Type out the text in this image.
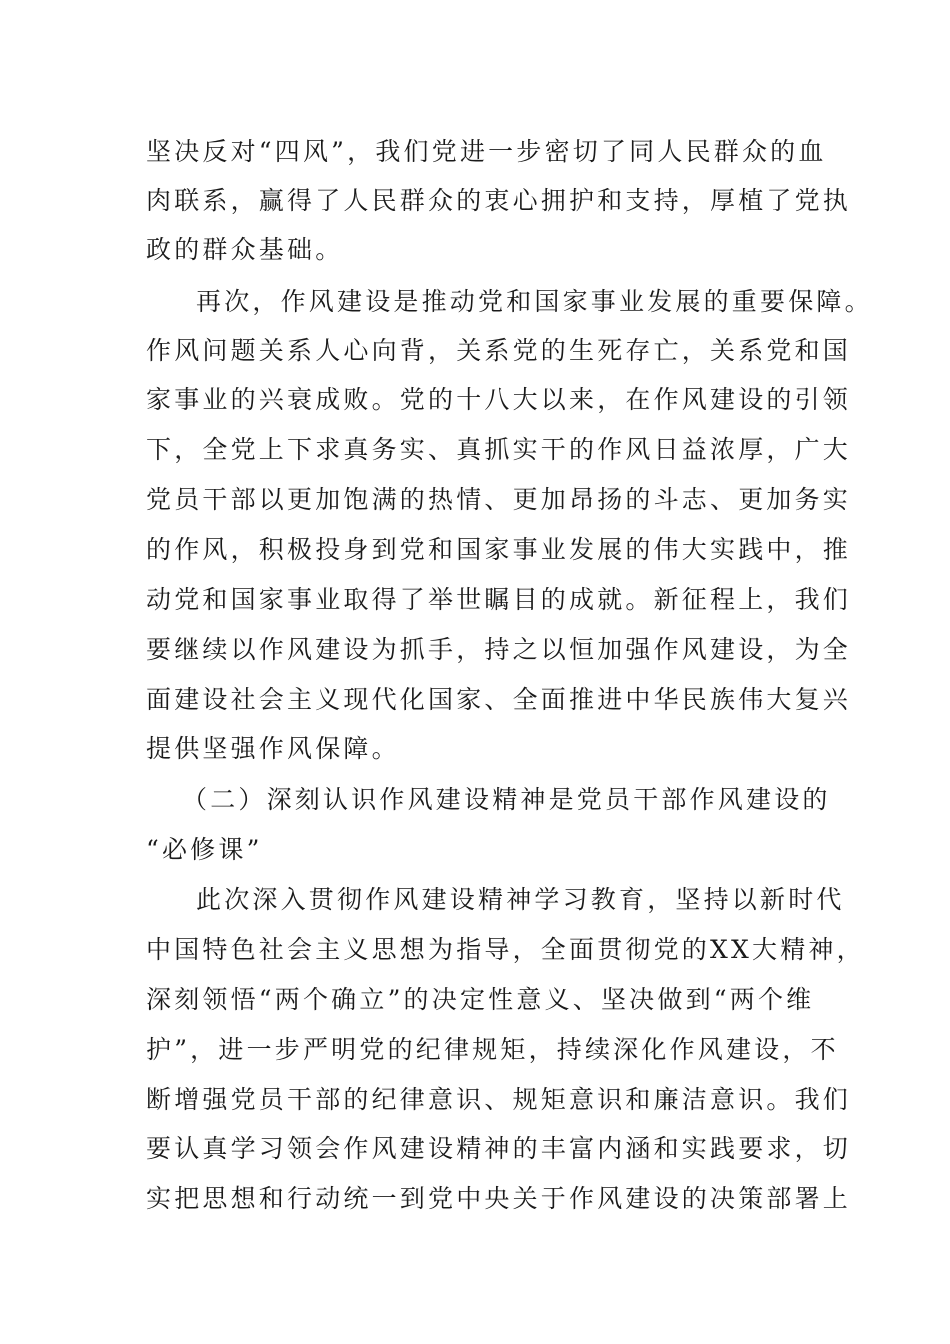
坚决反对“四风”，我们党进一步密切了同人民群众的血
肉联系，赢得了人民群众的衷心拥护和支持，厚植了党执
政的群众基础。
再次，作风建设是推动党和国家事业发展的重要保障。
作风问题关系人心向背，关系党的生死存亡，关系党和国
家事业的兴衰成败。党的十八大以来，在作风建设的引领
下，全党上下求真务实、真抓实干的作风日益浓厚，广大
党员干部以更加饱满的热情、更加昂扬的斗志、更加务实
的作风，积极投身到党和国家事业发展的伟大实践中，推
动党和国家事业取得了举世瞩目的成就。新征程上，我们
要继续以作风建设为抓手，持之以恒加强作风建设，为全
面建设社会主义现代化国家、全面推进中华民族伟大复兴
提供坚强作风保障。
（二）深刻认识作风建设精神是党员干部作风建设的
“必修课”
此次深入贯彻作风建设精神学习教育，坚持以新时代
中国特色社会主义思想为指导，全面贯彻党的XX大精神，
深刻领悟“两个确立”的决定性意义、坚决做到“两个维
护”，进一步严明党的纪律规矩，持续深化作风建设，不
断增强党员干部的纪律意识、规矩意识和廉洁意识。我们
要认真学习领会作风建设精神的丰富内涵和实践要求，切
实把思想和行动统一到党中央关于作风建设的决策部署上
